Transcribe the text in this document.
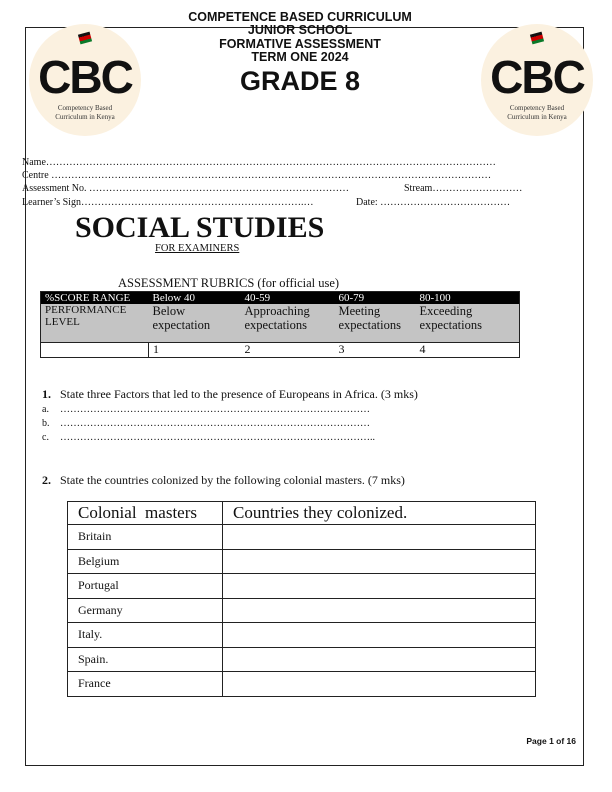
CBC
Competency Based
Curriculum in Kenya
CBC
Competency Based
Curriculum in Kenya
COMPETENCE BASED CURRICULUM
JUNIOR SCHOOL
FORMATIVE ASSESSMENT
TERM ONE 2024
GRADE 8
Name………………………………………………………………………………………………………………………
Centre ……………………………………………………………………………………………………………………
Assessment No. ……………………………………………………………………	Stream………………………
Learner’s Sign………………………………………………………….…	Date: …………………………………
SOCIAL STUDIES
FOR EXAMINERS
ASSESSMENT RUBRICS (for official use)
%SCORE RANGE	Below 40	40-59	60-79	80-100
PERFORMANCE LEVEL	Below expectation	Approaching expectations	Meeting expectations	Exceeding expectations
	1	2	3	4
1. State three Factors that led to the presence of Europeans in Africa. (3 mks)
a. …………………………………………………………………………………
b. …………………………………………………………………………………
c. …………………………………………………………………………………..
2. State the countries colonized by the following colonial masters. (7 mks)
Colonial  masters	Countries they colonized.
Britain	
Belgium	
Portugal	
Germany	
Italy.	
Spain.	
France	
Page 1 of 16
